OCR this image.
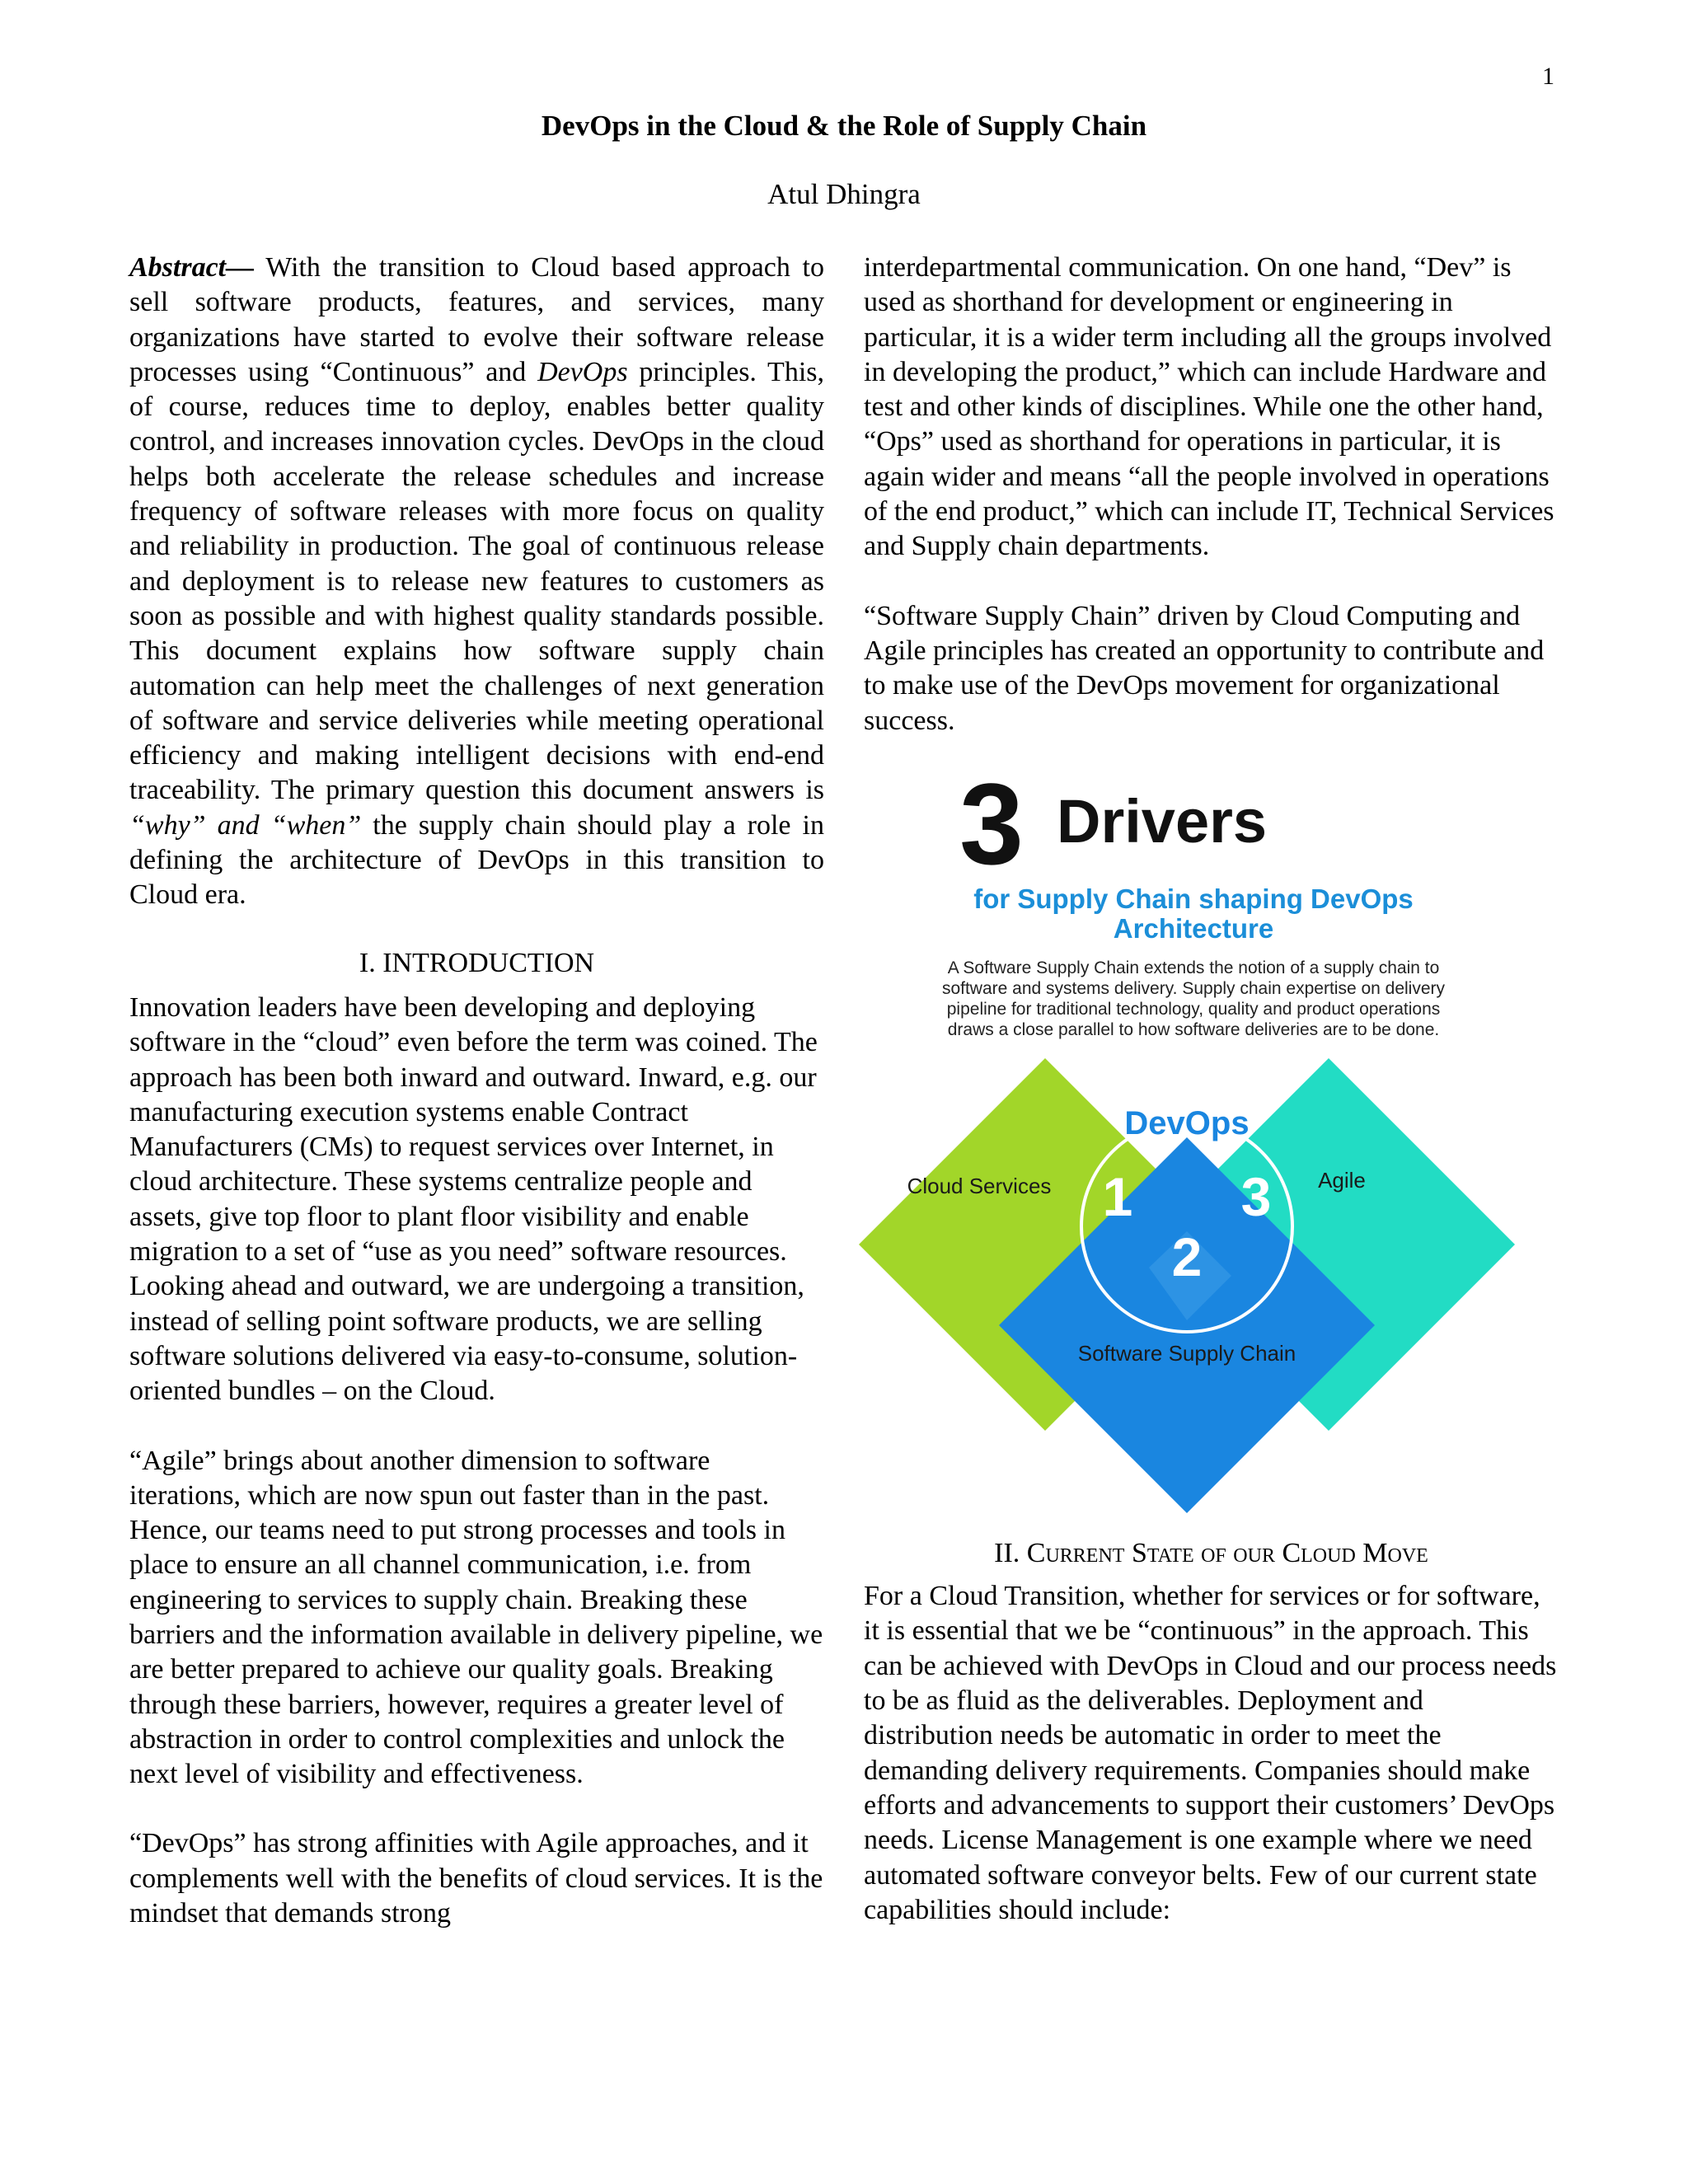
1
DevOps in the Cloud & the Role of Supply Chain
Atul Dhingra

Abstract— With the transition to Cloud based approach to sell software products, features, and services, many organizations have started to evolve their software release processes using “Continuous” and DevOps principles. This, of course, reduces time to deploy, enables better quality control, and increases innovation cycles. DevOps in the cloud helps both accelerate the release schedules and increase frequency of software releases with more focus on quality and reliability in production. The goal of continuous release and deployment is to release new features to customers as soon as possible and with highest quality standards possible. This document explains how software supply chain automation can help meet the challenges of next generation of software and service deliveries while meeting operational efficiency and making intelligent decisions with end-end traceability. The primary question this document answers is “why” and “when” the supply chain should play a role in defining the architecture of DevOps in this transition to Cloud era.

I. INTRODUCTION

Innovation leaders have been developing and deploying software in the “cloud” even before the term was coined. The approach has been both inward and outward. Inward, e.g. our manufacturing execution systems enable Contract Manufacturers (CMs) to request services over Internet, in cloud architecture. These systems centralize people and assets, give top floor to plant floor visibility and enable migration to a set of “use as you need” software resources. Looking ahead and outward, we are undergoing a transition, instead of selling point software products, we are selling software solutions delivered via easy-to-consume, solution-oriented bundles – on the Cloud.

“Agile” brings about another dimension to software iterations, which are now spun out faster than in the past. Hence, our teams need to put strong processes and tools in place to ensure an all channel communication, i.e. from engineering to services to supply chain. Breaking these barriers and the information available in delivery pipeline, we are better prepared to achieve our quality goals. Breaking through these barriers, however, requires a greater level of abstraction in order to control complexities and unlock the next level of visibility and effectiveness.

“DevOps” has strong affinities with Agile approaches, and it complements well with the benefits of cloud services. It is the mindset that demands strong

interdepartmental communication. On one hand, “Dev” is used as shorthand for development or engineering in particular, it is a wider term including all the groups involved in developing the product,” which can include Hardware and test and other kinds of disciplines. While one the other hand, “Ops” used as shorthand for operations in particular, it is again wider and means “all the people involved in operations of the end product,” which can include IT, Technical Services and Supply chain departments.

“Software Supply Chain” driven by Cloud Computing and Agile principles has created an opportunity to contribute and to make use of the DevOps movement for organizational success.

3 Drivers
for Supply Chain shaping DevOps
Architecture
A Software Supply Chain extends the notion of a supply chain to
software and systems delivery. Supply chain expertise on delivery
pipeline for traditional technology, quality and product operations
draws a close parallel to how software deliveries are to be done.
DevOps
Cloud Services	Agile
Software Supply Chain
1
2
3

II. Current State of our Cloud Move

For a Cloud Transition, whether for services or for software, it is essential that we be “continuous” in the approach. This can be achieved with DevOps in Cloud and our process needs to be as fluid as the deliverables. Deployment and distribution needs be automatic in order to meet the demanding delivery requirements. Companies should make efforts and advancements to support their customers’ DevOps needs. License Management is one example where we need automated software conveyor belts. Few of our current state capabilities should include:
